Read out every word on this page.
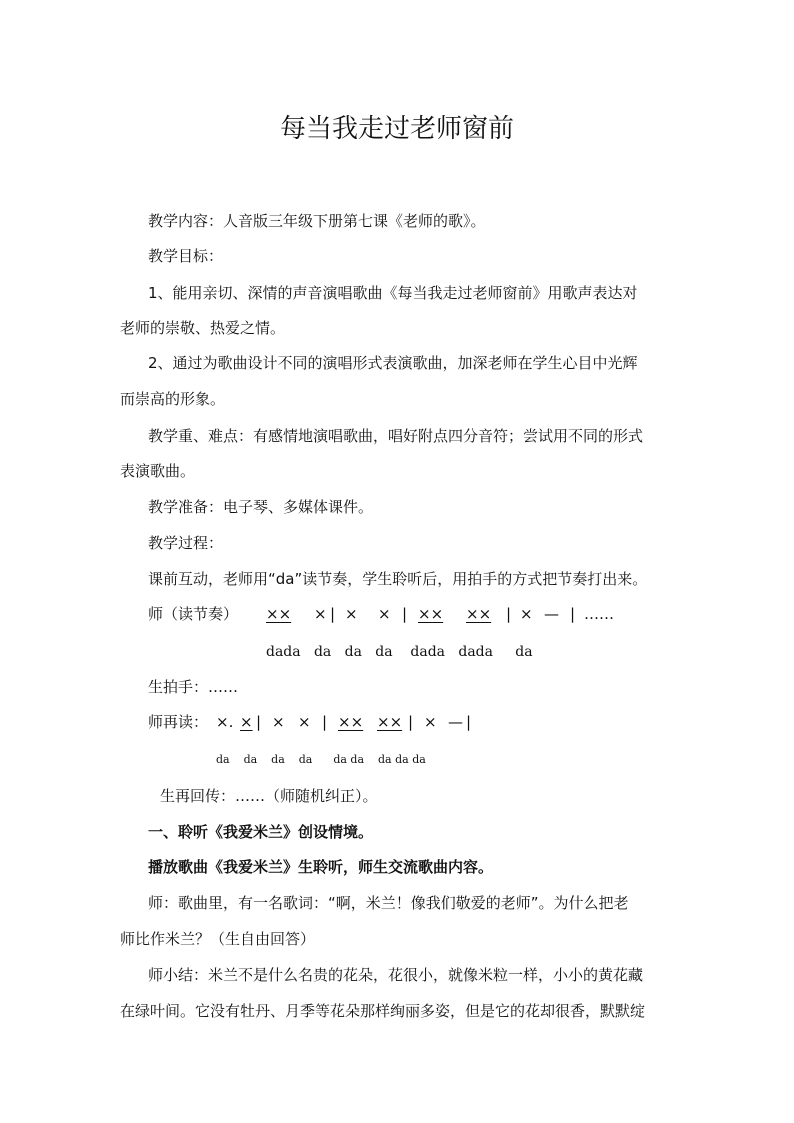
每当我走过老师窗前
教学内容：人音版三年级下册第七课《老师的歌》。
教学目标：
1、能用亲切、深情的声音演唱歌曲《每当我走过老师窗前》用歌声表达对
老师的崇敬、热爱之情。
2、通过为歌曲设计不同的演唱形式表演歌曲，加深老师在学生心目中光辉
而崇高的形象。
教学重、难点：有感情地演唱歌曲，唱好附点四分音符；尝试用不同的形式
表演歌曲。
教学准备：电子琴、多媒体课件。
教学过程：
课前互动，老师用“da”读节奏，学生聆听后，用拍手的方式把节奏打出来。
师（读节奏） ×× × | × × | ×× ×× | × — | ……
dada   da   da   da    dada   dada     da
生拍手：……
师再读： ×. × | × × | ×× ×× | × — |
da    da    da    da      da da    da da da
生再回传：……（师随机纠正）。
一、聆听《我爱米兰》创设情境。
播放歌曲《我爱米兰》生聆听，师生交流歌曲内容。
师：歌曲里，有一名歌词：“啊，米兰！像我们敬爱的老师”。为什么把老
师比作米兰？（生自由回答）
师小结：米兰不是什么名贵的花朵，花很小，就像米粒一样，小小的黄花藏
在绿叶间。它没有牡丹、月季等花朵那样绚丽多姿，但是它的花却很香，默默绽
